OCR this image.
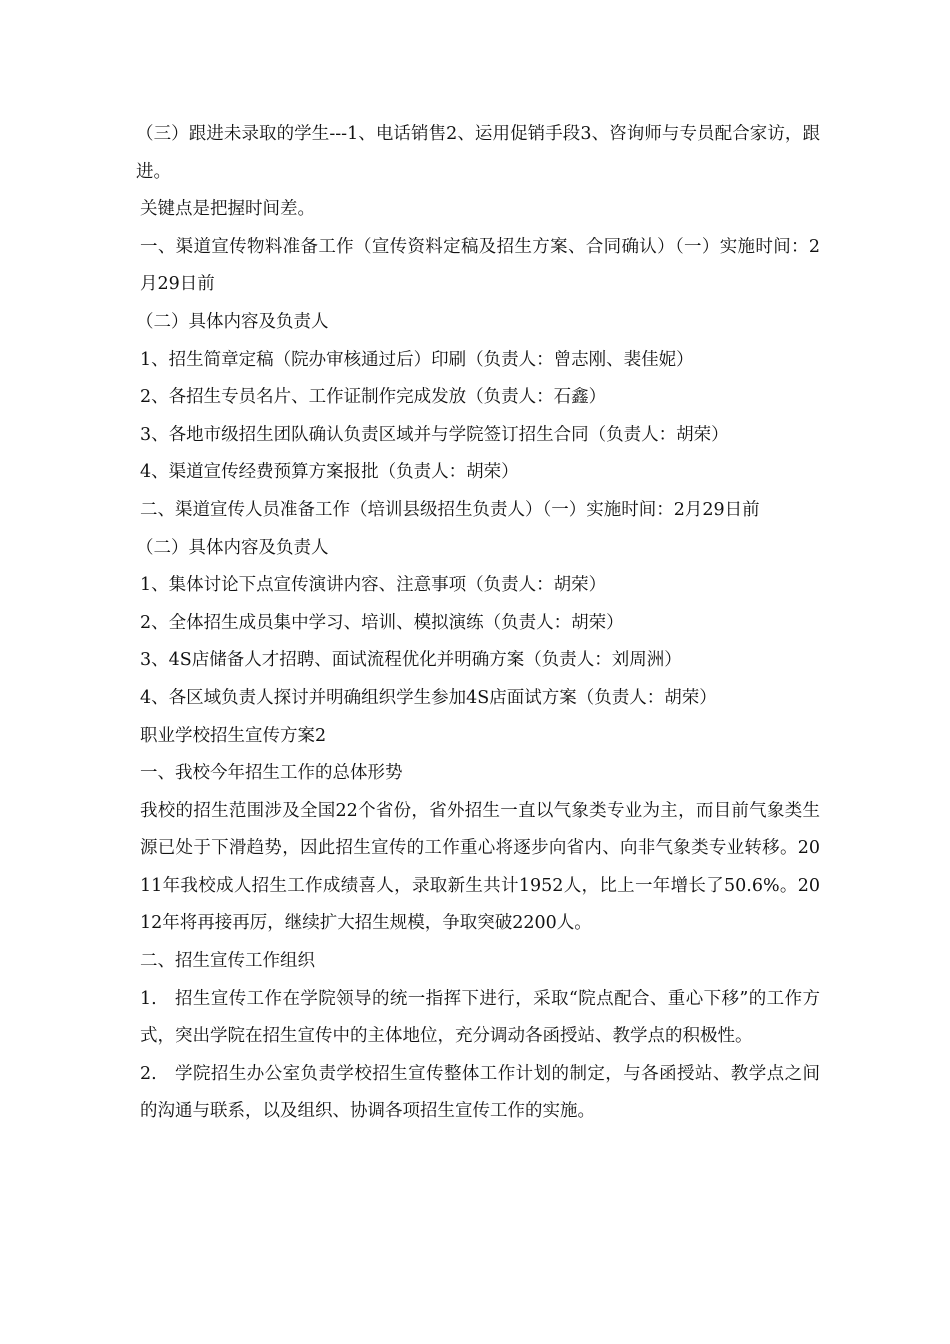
（三）跟进未录取的学生---1、电话销售2、运用促销手段3、咨询师与专员配合家访，跟进。

关键点是把握时间差。

一、渠道宣传物料准备工作（宣传资料定稿及招生方案、合同确认）（一）实施时间：2月29日前

（二）具体内容及负责人

1、招生简章定稿（院办审核通过后）印刷（负责人：曾志刚、裴佳妮）

2、各招生专员名片、工作证制作完成发放（负责人：石鑫）

3、各地市级招生团队确认负责区域并与学院签订招生合同（负责人：胡荣）

4、渠道宣传经费预算方案报批（负责人：胡荣）

二、渠道宣传人员准备工作（培训县级招生负责人）（一）实施时间：2月29日前

（二）具体内容及负责人

1、集体讨论下点宣传演讲内容、注意事项（负责人：胡荣）

2、全体招生成员集中学习、培训、模拟演练（负责人：胡荣）

3、4S店储备人才招聘、面试流程优化并明确方案（负责人：刘周洲）

4、各区域负责人探讨并明确组织学生参加4S店面试方案（负责人：胡荣）

职业学校招生宣传方案2

一、我校今年招生工作的总体形势

我校的招生范围涉及全国22个省份，省外招生一直以气象类专业为主，而目前气象类生源已处于下滑趋势，因此招生宣传的工作重心将逐步向省内、向非气象类专业转移。2011年我校成人招生工作成绩喜人，录取新生共计1952人，比上一年增长了50.6%。2012年将再接再厉，继续扩大招生规模，争取突破2200人。

二、招生宣传工作组织

1.　招生宣传工作在学院领导的统一指挥下进行，采取“院点配合、重心下移”的工作方式，突出学院在招生宣传中的主体地位，充分调动各函授站、教学点的积极性。

2.　学院招生办公室负责学校招生宣传整体工作计划的制定，与各函授站、教学点之间的沟通与联系，以及组织、协调各项招生宣传工作的实施。
